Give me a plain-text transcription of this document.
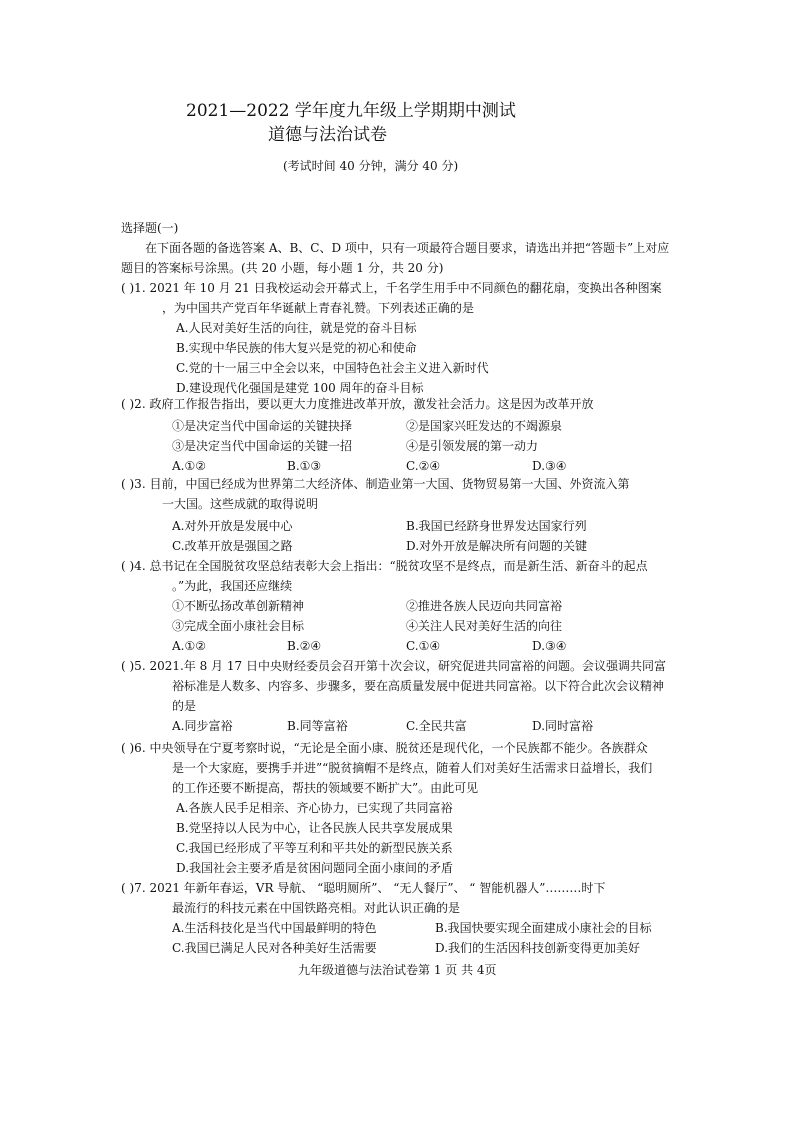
2021—2022 学年度九年级上学期期中测试
道德与法治试卷
(考试时间 40 分钟，满分 40 分)
选择题(一)
在下面各题的备选答案 A、B、C、D 项中，只有一项最符合题目要求，请选出并把“答题卡”上对应
题目的答案标号涂黑。(共 20 小题，每小题 1 分，共 20 分)
( )1. 2021 年 10 月 21 日我校运动会开幕式上，千名学生用手中不同颜色的翻花扇，变换出各种图案
，为中国共产党百年华诞献上青春礼赞。下列表述正确的是
A.人民对美好生活的向往，就是党的奋斗目标
B.实现中华民族的伟大复兴是党的初心和使命
C.党的十一届三中全会以来，中国特色社会主义进入新时代
D.建设现代化强国是建党 100 周年的奋斗目标
( )2. 政府工作报告指出，要以更大力度推进改革开放，激发社会活力。这是因为改革开放
①是决定当代中国命运的关键抉择	②是国家兴旺发达的不竭源泉
③是决定当代中国命运的关键一招	④是引领发展的第一动力
A.①②	B.①③	C.②④	D.③④
( )3. 目前，中国已经成为世界第二大经济体、制造业第一大国、货物贸易第一大国、外资流入第
一大国。这些成就的取得说明
A.对外开放是发展中心	B.我国已经跻身世界发达国家行列
C.改革开放是强国之路	D.对外开放是解决所有问题的关键
( )4. 总书记在全国脱贫攻坚总结表彰大会上指出：“脱贫攻坚不是终点，而是新生活、新奋斗的起点
。”为此，我国还应继续
①不断弘扬改革创新精神	②推进各族人民迈向共同富裕
③完成全面小康社会目标	④关注人民对美好生活的向往
A.①②	B.②④	C.①④	D.③④
( )5. 2021.年 8 月 17 日中央财经委员会召开第十次会议，研究促进共同富裕的问题。会议强调共同富
裕标准是人数多、内容多、步骤多，要在高质量发展中促进共同富裕。以下符合此次会议精神
的是
A.同步富裕	B.同等富裕	C.全民共富	D.同时富裕
( )6. 中央领导在宁夏考察时说，“无论是全面小康、脱贫还是现代化，一个民族都不能少。各族群众
是一个大家庭，要携手并进”“脱贫摘帽不是终点，随着人们对美好生活需求日益增长，我们
的工作还要不断提高，帮扶的领域要不断扩大”。由此可见
A.各族人民手足相亲、齐心协力，已实现了共同富裕
B.党坚持以人民为中心，让各民族人民共享发展成果
C.我国已经形成了平等互利和平共处的新型民族关系
D.我国社会主要矛盾是贫困问题同全面小康间的矛盾
( )7. 2021 年新年春运，VR 导航、 “聪明厕所”、 “无人餐厅”、 “ 智能机器人”………时下
最流行的科技元素在中国铁路亮相。对此认识正确的是
A.生活科技化是当代中国最鲜明的特色	B.我国快要实现全面建成小康社会的目标
C.我国已满足人民对各种美好生活需要	D.我们的生活因科技创新变得更加美好
九年级道德与法治试卷第 1 页 共 4页
